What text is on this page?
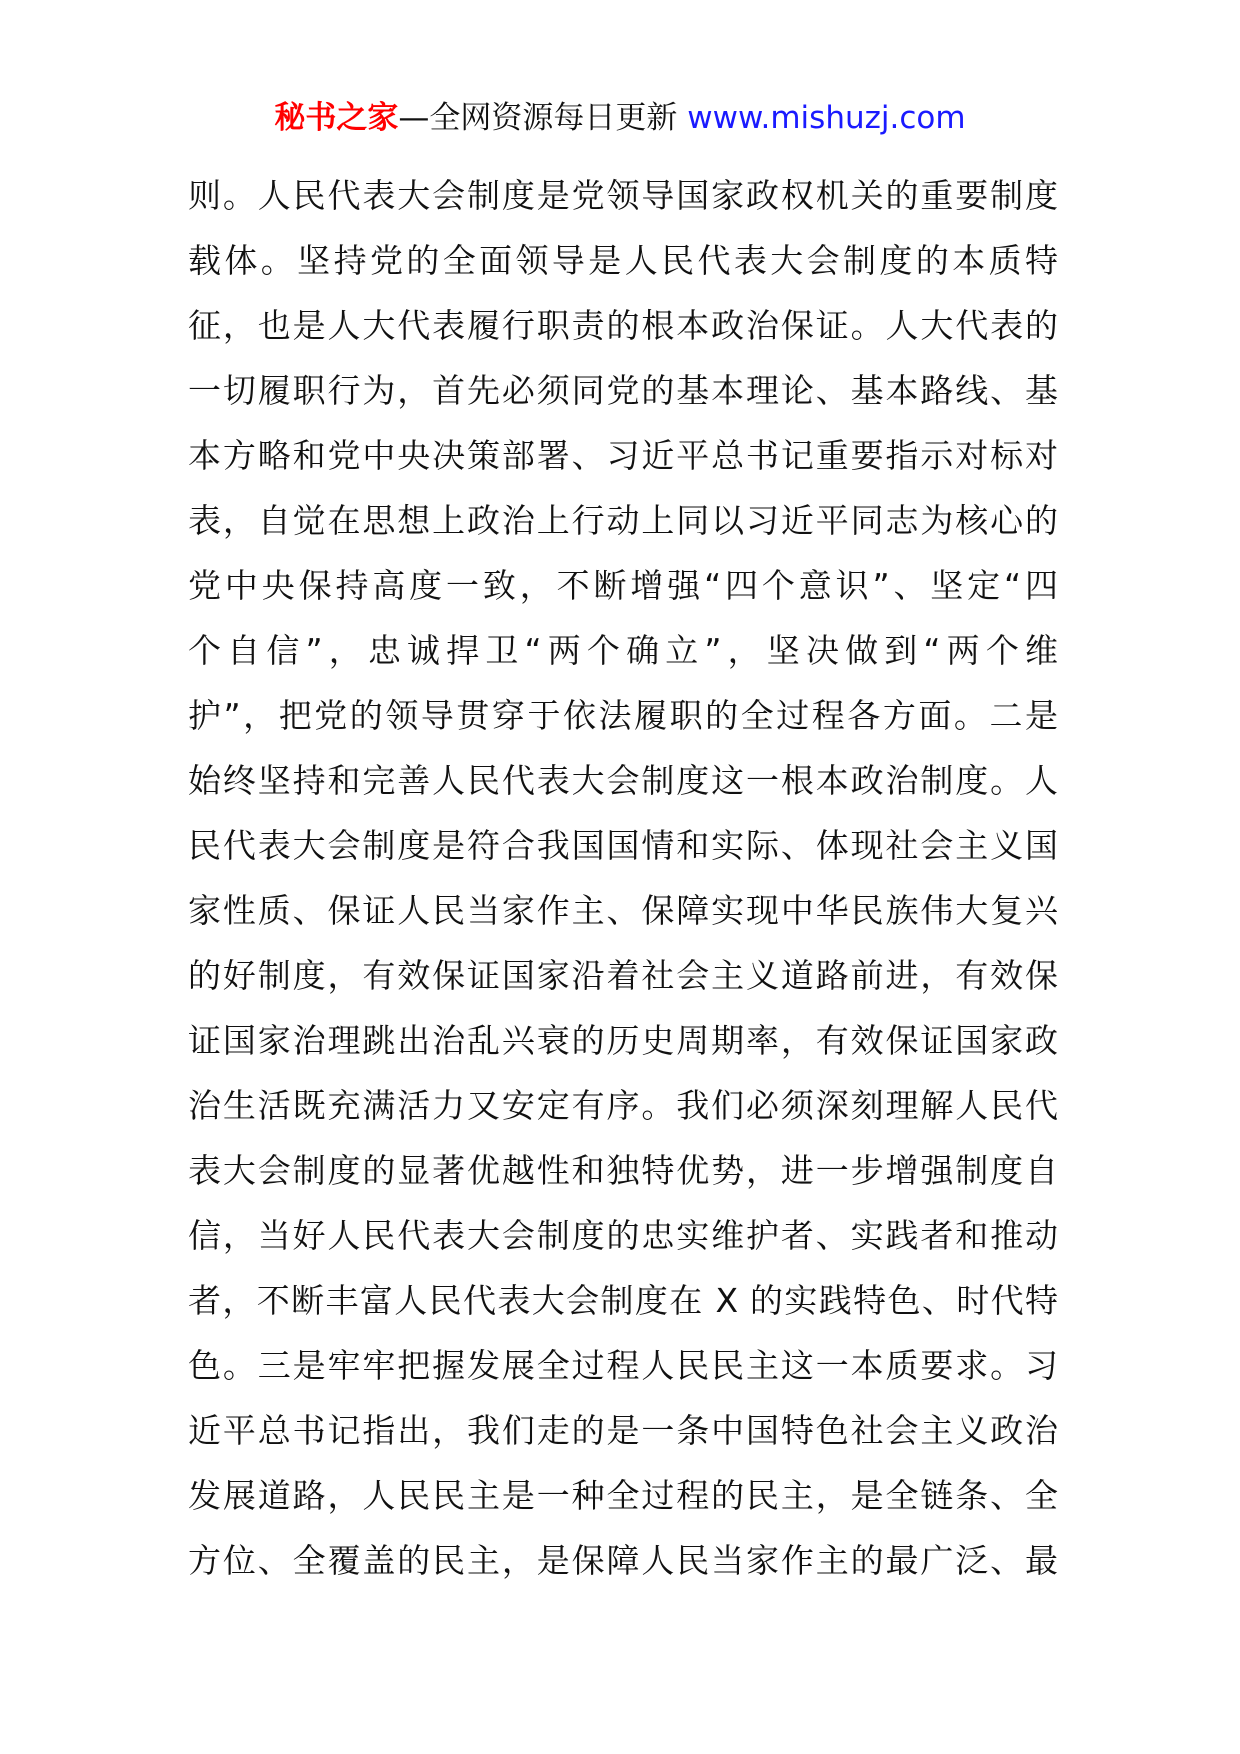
秘书之家—全网资源每日更新 www.mishuzj.com
则。人民代表大会制度是党领导国家政权机关的重要制度
载体。坚持党的全面领导是人民代表大会制度的本质特
征，也是人大代表履行职责的根本政治保证。人大代表的
一切履职行为，首先必须同党的基本理论、基本路线、基
本方略和党中央决策部署、习近平总书记重要指示对标对
表，自觉在思想上政治上行动上同以习近平同志为核心的
党中央保持高度一致，不断增强“四个意识”、坚定“四
个自信”，忠诚捍卫“两个确立”，坚决做到“两个维
护”，把党的领导贯穿于依法履职的全过程各方面。二是
始终坚持和完善人民代表大会制度这一根本政治制度。人
民代表大会制度是符合我国国情和实际、体现社会主义国
家性质、保证人民当家作主、保障实现中华民族伟大复兴
的好制度，有效保证国家沿着社会主义道路前进，有效保
证国家治理跳出治乱兴衰的历史周期率，有效保证国家政
治生活既充满活力又安定有序。我们必须深刻理解人民代
表大会制度的显著优越性和独特优势，进一步增强制度自
信，当好人民代表大会制度的忠实维护者、实践者和推动
者，不断丰富人民代表大会制度在 X 的实践特色、时代特
色。三是牢牢把握发展全过程人民民主这一本质要求。习
近平总书记指出，我们走的是一条中国特色社会主义政治
发展道路，人民民主是一种全过程的民主，是全链条、全
方位、全覆盖的民主，是保障人民当家作主的最广泛、最
